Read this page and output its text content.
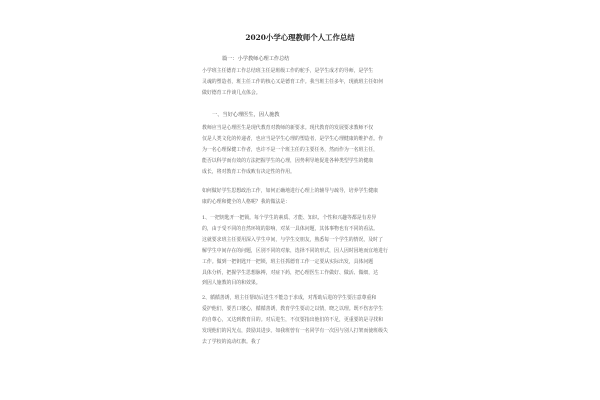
2020小学心理教师个人工作总结
篇一：小学教师心理工作总结
小学班主任德育工作总结班主任是班级工作的舵手，是学生成才的导师，是学生
灵魂的塑造者，班主任工作的核心又是德育工作。我当班主任多年，现就班主任如何
做好德育工作谈几点体会。
一、当好心理医生，因人施教
教师应当是心理医生是现代教育对教师的新要求。现代教育的发展要求教师不仅
仅是人类文化的传递者，也应当是学生心理的塑造者，是学生心理健康的维护者。作
为一名心理保健工作者，也许不是一个班主任的主要任务，然而作为一名班主任，
能否以科学而有效的方法把握学生的心理，因势利导地促进各种类型学生的健康
成长，将对教育工作成败有决定性的作用。
如何做好学生思想政治工作，如何正确地进行心理上的辅导与疏导，培养学生健康
康的心理和健全的人格呢？我的做法是：
1、一把钥匙开一把锁。每个学生的素质、才能、知识、个性和兴趣等都是有差异
的，由于受不同的自然环境的影响，对某一具体问题，其体事物也有不同的看法。
这就要求班主任要用深入学生中间，与学生交朋友，熟悉每一个学生的情况，及时了
解学生中间存在的问题，区别不同的对象，选择不同的形式，因人因时因地而宜地进行
工作。做到一把钥匙开一把锁，班主任抓德育工作一定要从实际出发，具体问题
具体分析，把握学生思想脉搏，对症下药，把心理医生工作做好、做活、做细，达
到因人施教的目的和效果。
2、循循善诱，班主任帮助后进生不能急于求成，对帮助后进的学生要注意尊重和
爱护他们，要苦口婆心，循循善诱，教育学生要动之以情，晓之以理。既不伤害学生
的自尊心，又达到教育目的。对后进生，不仅要指出他们的不足，更重要的是寻找和
发现他们的闪光点，鼓励其进步。如我班曾有一名同学有一次因与别人打架而使班级失
去了学校的流动红旗。我了
